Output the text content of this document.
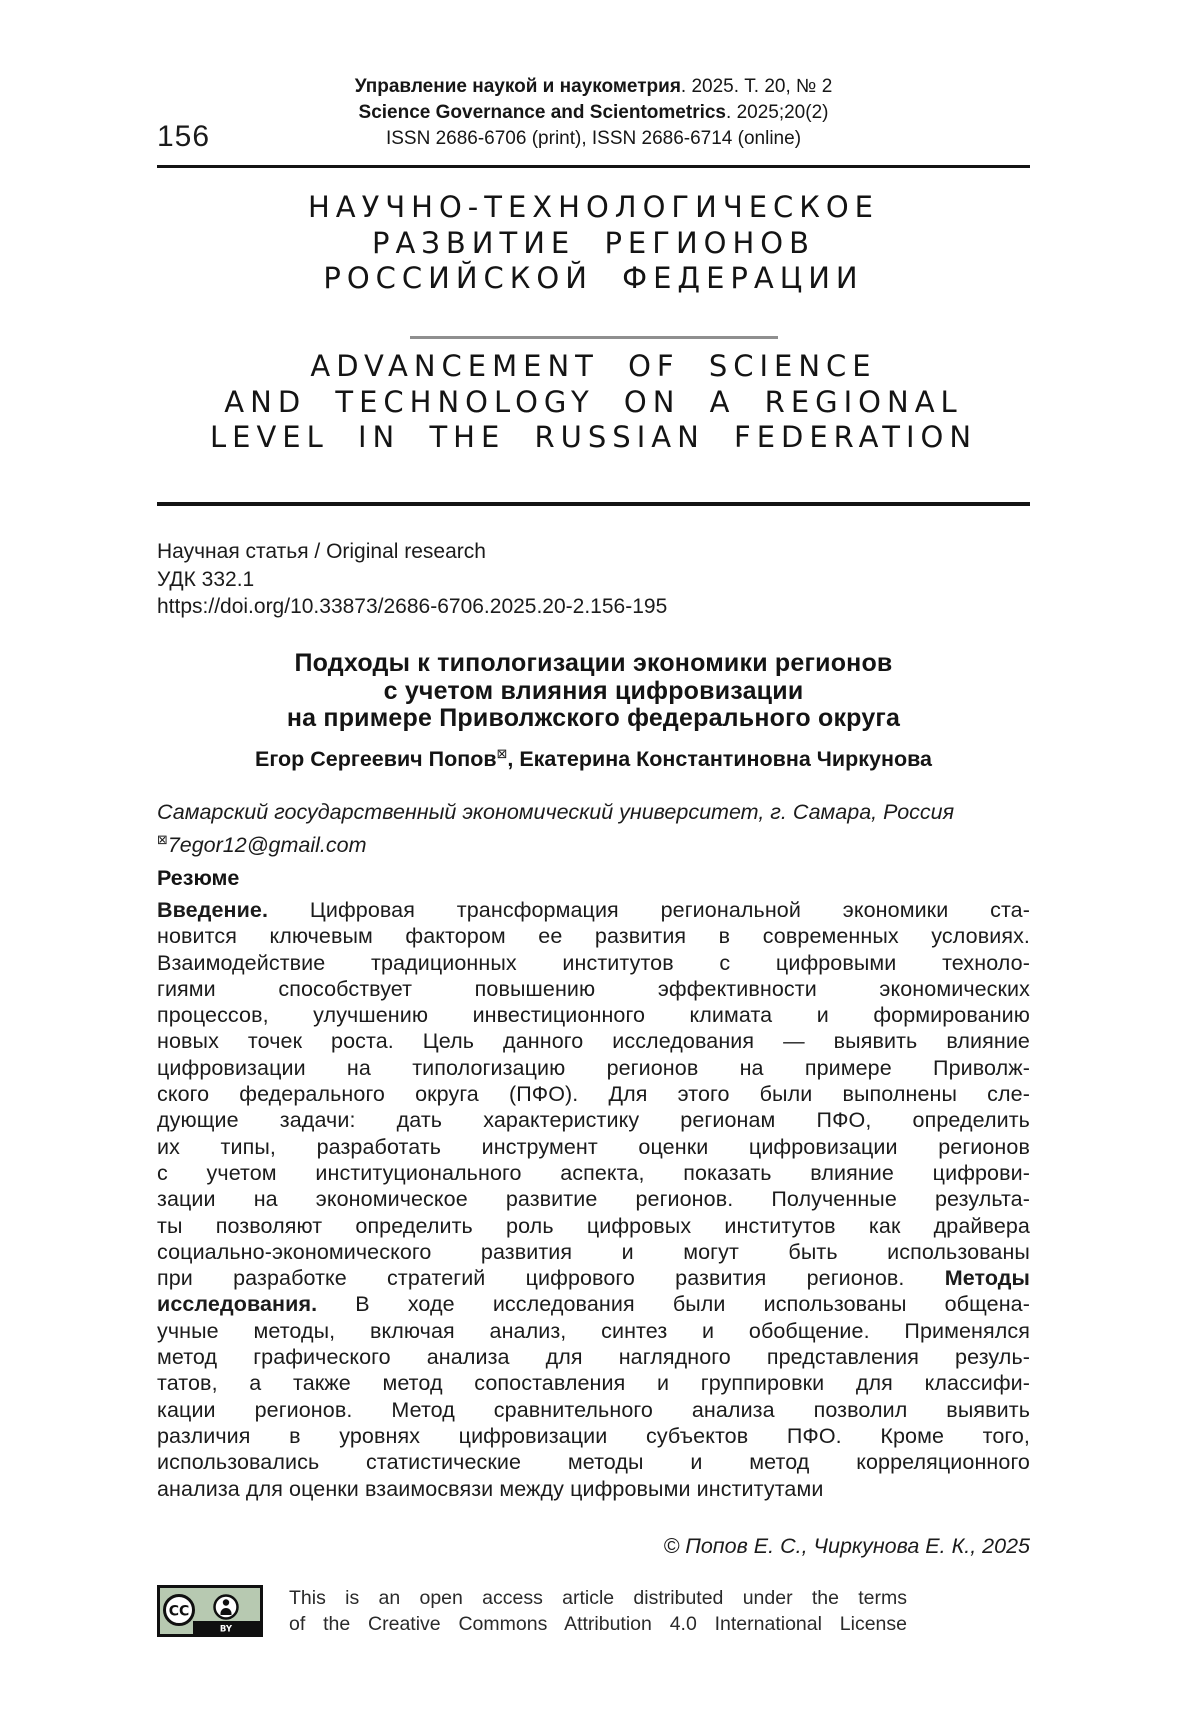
156
Управление наукой и наукометрия. 2025. Т. 20, № 2
Science Governance and Scientometrics. 2025;20(2)
ISSN 2686-6706 (print), ISSN 2686-6714 (online)
НАУЧНО-ТЕХНОЛОГИЧЕСКОЕ
РАЗВИТИЕ РЕГИОНОВ
РОССИЙСКОЙ ФЕДЕРАЦИИ
ADVANCEMENT OF SCIENCE
AND TECHNOLOGY ON A REGIONAL
LEVEL IN THE RUSSIAN FEDERATION
Научная статья / Original research
УДК 332.1
https://doi.org/10.33873/2686-6706.2025.20-2.156-195
Подходы к типологизации экономики регионов
с учетом влияния цифровизации
на примере Приволжского федерального округа
Егор Сергеевич Попов⊠, Екатерина Константиновна Чиркунова
Самарский государственный экономический университет, г. Самара, Россия
⊠7egor12@gmail.com
Резюме
Введение. Цифровая трансформация региональной экономики ста-
новится ключевым фактором ее развития в современных условиях.
Взаимодействие традиционных институтов с цифровыми техноло-
гиями способствует повышению эффективности экономических
процессов, улучшению инвестиционного климата и формированию
новых точек роста. Цель данного исследования — выявить влияние
цифровизации на типологизацию регионов на примере Приволж-
ского федерального округа (ПФО). Для этого были выполнены сле-
дующие задачи: дать характеристику регионам ПФО, определить
их типы, разработать инструмент оценки цифровизации регионов
с учетом институционального аспекта, показать влияние цифрови-
зации на экономическое развитие регионов. Полученные результа-
ты позволяют определить роль цифровых институтов как драйвера
социально-экономического развития и могут быть использованы
при разработке стратегий цифрового развития регионов. Методы
исследования. В ходе исследования были использованы общена-
учные методы, включая анализ, синтез и обобщение. Применялся
метод графического анализа для наглядного представления резуль-
татов, а также метод сопоставления и группировки для классифи-
кации регионов. Метод сравнительного анализа позволил выявить
различия в уровнях цифровизации субъектов ПФО. Кроме того,
использовались статистические методы и метод корреляционного
анализа для оценки взаимосвязи между цифровыми институтами
© Попов Е. С., Чиркунова Е. К., 2025
CC
BY
This is an open access article distributed under the terms
of the Creative Commons Attribution 4.0 International License
